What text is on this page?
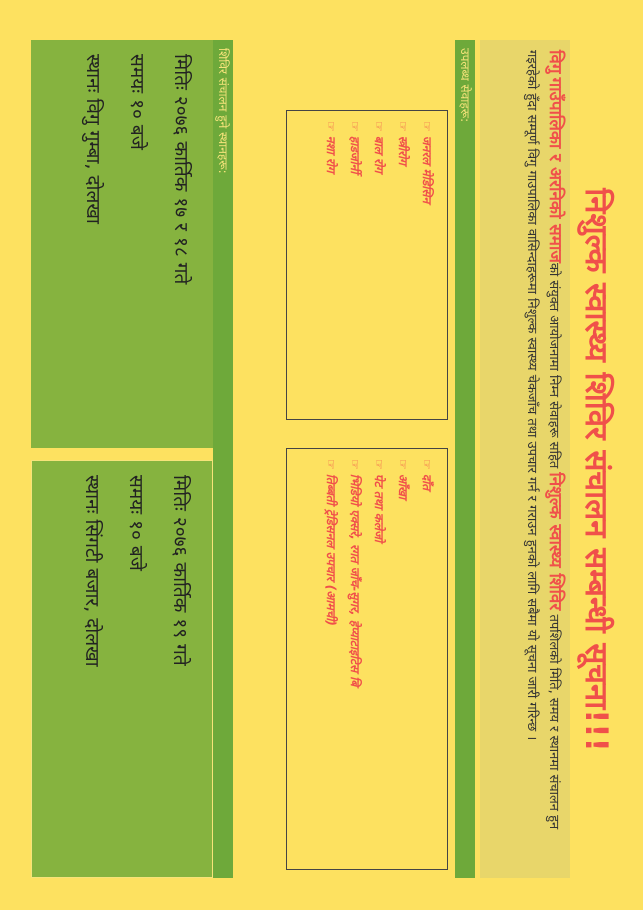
निशुल्क स्वास्थ्य शिविर संचालन सम्बन्धी सूचना!!!
विगु गाउँपालिका र अरनिको समाजको संयुक्त आयोजनामा निम्न सेवाहरू सहित निशुल्क स्वास्थ्य शिविर तपशिलको मिति, समय र स्थानमा संचालन हुन गइरहेको हुँदा सम्पूर्ण विगु गाउपालिका वासिन्दाहरूमा निशुल्क स्वास्थ्य चेकजाँच तथा उपचार गर्न र गराउन हुनको लागि सबैमा यो सूचना जारी गरिन्छ ।
उपलब्ध सेवाहरू:
☞जनरल मेडिसिन
☞स्त्रीरोग
☞बाल रोग
☞हाडजोर्नी
☞नशा रोग
☞दाँत
☞आँखा
☞पेट तथा कलेजो
☞भिडियो एक्सरे, रगत जाँच-सुगर, हेप्याटाइटिस बि
☞तिब्बती ट्रेडिसनल उपचार (आमची)
शिविर संचालन हुने स्थानहरू:
मितिः २०७६ कार्तिक १७ र १८ गते
समयः १० बजे
स्थानः विगु गुम्बा, दोलखा
मितिः २०७६ कार्तिक १९ गते
समयः १० बजे
स्थानः सिंगटी बजार, दोलखा
